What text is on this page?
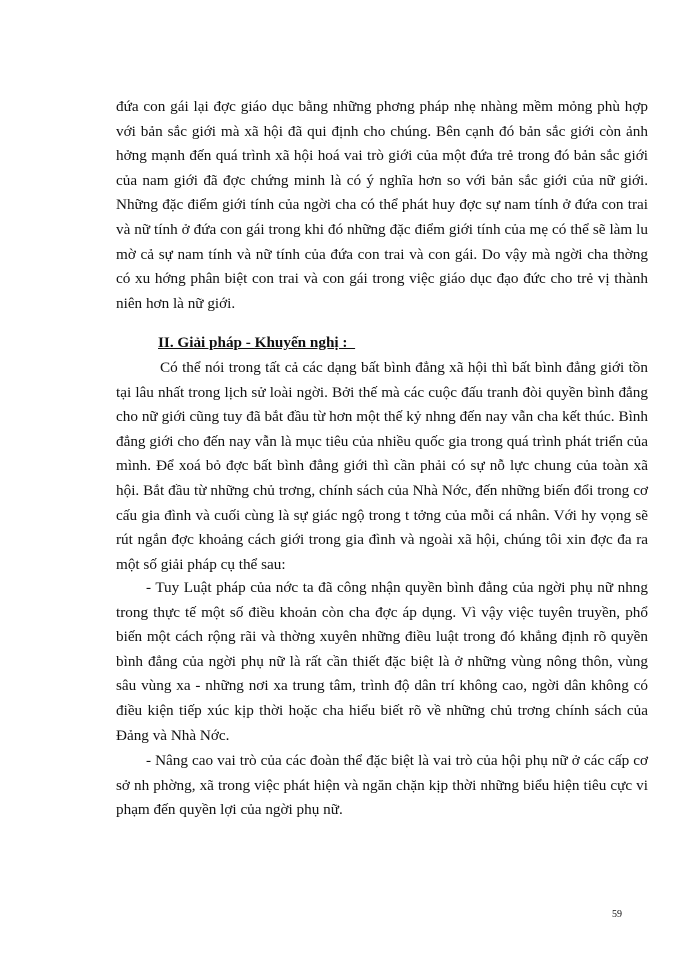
đứa con gái lại đợc giáo dục bằng những phơng pháp nhẹ nhàng mềm mỏng phù hợp với bản sắc giới mà xã hội đã qui định cho chúng. Bên cạnh đó bản sắc giới còn ảnh hởng mạnh đến quá trình xã hội hoá vai trò giới của một đứa trẻ trong đó bản sắc giới của nam giới đã đợc chứng minh là có ý nghĩa hơn so với bản sắc giới của nữ giới. Những đặc điểm giới tính của ngời cha có thể phát huy đợc sự nam tính ở đứa con trai và nữ tính ở đứa con gái trong khi đó những đặc điểm giới tính của mẹ có thể sẽ làm lu mờ cả sự nam tính và nữ tính của đứa con trai và con gái. Do vậy mà ngời cha thờng có xu hớng phân biệt con trai và con gái trong việc giáo dục đạo đức cho trẻ vị thành niên hơn là nữ giới.

II. Giải pháp - Khuyến nghị :

Có thể nói trong tất cả các dạng bất bình đẳng xã hội thì bất bình đẳng giới tồn tại lâu nhất trong lịch sử loài ngời. Bởi thế mà các cuộc đấu tranh đòi quyền bình đẳng cho nữ giới cũng tuy đã bắt đầu từ hơn một thế kỷ nhng đến nay vẫn cha kết thúc. Bình đẳng giới cho đến nay vẫn là mục tiêu của nhiều quốc gia trong quá trình phát triển của mình. Để xoá bỏ đợc bất bình đẳng giới thì cần phải có sự nỗ lực chung của toàn xã hội. Bắt đầu từ những chủ trơng, chính sách của Nhà Nớc, đến những biến đổi trong cơ cấu gia đình và cuối cùng là sự giác ngộ trong t tởng của mỗi cá nhân. Với hy vọng sẽ rút ngắn đợc khoảng cách giới trong gia đình và ngoài xã hội, chúng tôi xin đợc đa ra một số giải pháp cụ thể sau:

- Tuy Luật pháp của nớc ta đã công nhận quyền bình đẳng của ngời phụ nữ nhng trong thực tế một số điều khoản còn cha đợc áp dụng. Vì vậy việc tuyên truyền, phổ biến một cách rộng rãi và thờng xuyên những điều luật trong đó khẳng định rõ quyền bình đẳng của ngời phụ nữ là rất cần thiết đặc biệt là ở những vùng nông thôn, vùng sâu vùng xa - những nơi xa trung tâm, trình độ dân trí không cao, ngời dân không có điều kiện tiếp xúc kịp thời hoặc cha hiểu biết rõ về những chủ trơng chính sách của Đảng và Nhà Nớc.

- Nâng cao vai trò của các đoàn thể đặc biệt là vai trò của hội phụ nữ ở các cấp cơ sở nh phờng, xã trong việc phát hiện và ngăn chặn kịp thời những biểu hiện tiêu cực vi phạm đến quyền lợi của ngời phụ nữ.

59
